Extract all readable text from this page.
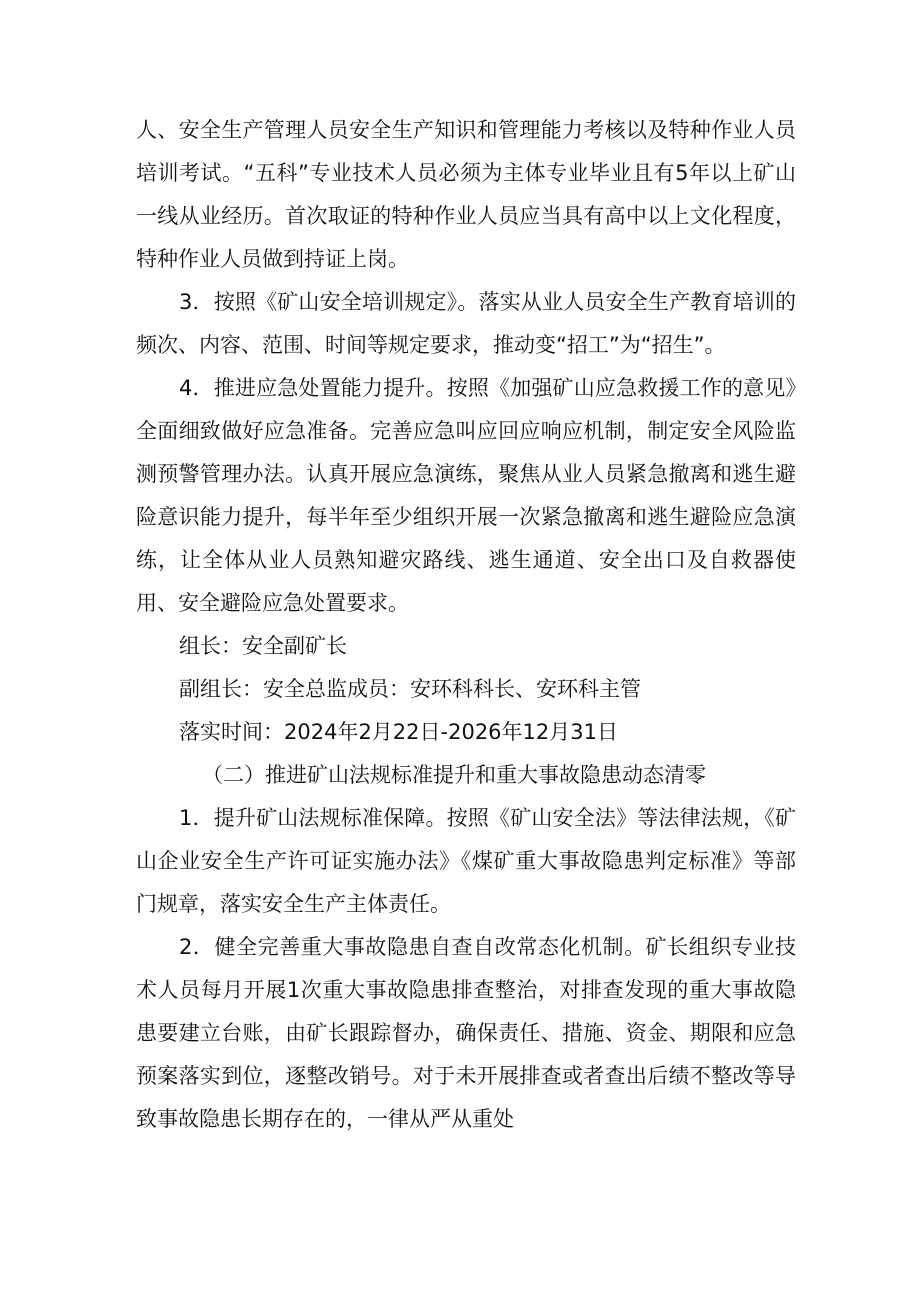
人、安全生产管理人员安全生产知识和管理能力考核以及特种作业人员培训考试。“五科”专业技术人员必须为主体专业毕业且有5年以上矿山一线从业经历。首次取证的特种作业人员应当具有高中以上文化程度，特种作业人员做到持证上岗。

3．按照《矿山安全培训规定》。落实从业人员安全生产教育培训的频次、内容、范围、时间等规定要求，推动变“招工”为“招生”。

4．推进应急处置能力提升。按照《加强矿山应急救援工作的意见》全面细致做好应急准备。完善应急叫应回应响应机制，制定安全风险监测预警管理办法。认真开展应急演练，聚焦从业人员紧急撤离和逃生避险意识能力提升，每半年至少组织开展一次紧急撤离和逃生避险应急演练，让全体从业人员熟知避灾路线、逃生通道、安全出口及自救器使用、安全避险应急处置要求。

组长：安全副矿长

副组长：安全总监成员：安环科科长、安环科主管

落实时间：2024年2月22日-2026年12月31日

（二）推进矿山法规标准提升和重大事故隐患动态清零

1．提升矿山法规标准保障。按照《矿山安全法》等法律法规，《矿山企业安全生产许可证实施办法》《煤矿重大事故隐患判定标准》等部门规章，落实安全生产主体责任。

2．健全完善重大事故隐患自查自改常态化机制。矿长组织专业技术人员每月开展1次重大事故隐患排查整治，对排查发现的重大事故隐患要建立台账，由矿长跟踪督办，确保责任、措施、资金、期限和应急预案落实到位，逐整改销号。对于未开展排查或者查出后绩不整改等导致事故隐患长期存在的，一律从严从重处
